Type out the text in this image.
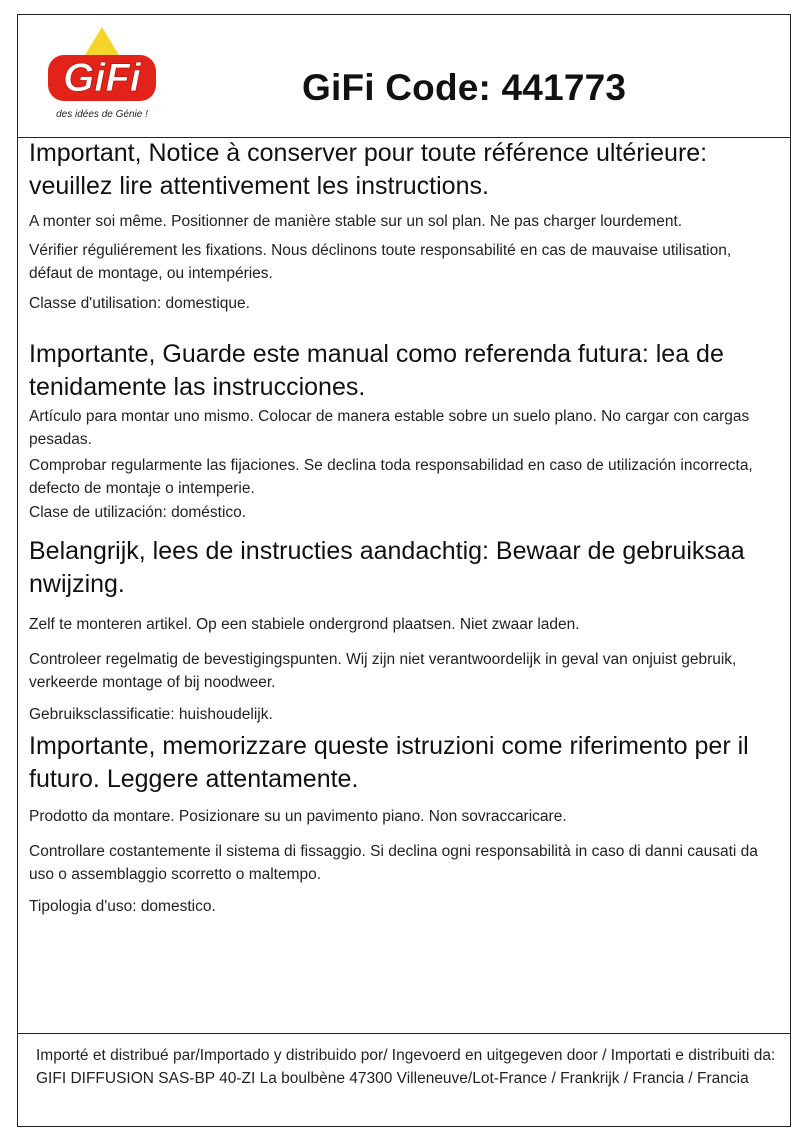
GiFi
des idées de Génie !
GiFi Code: 441773
Important, Notice à conserver pour toute référence ultérieure: veuillez lire attentivement les instructions.

A monter soi même. Positionner de manière stable sur un sol plan. Ne pas charger lourdement.

Vérifier réguliérement les fixations. Nous déclinons toute responsabilité en cas de mauvaise utilisation, défaut de montage, ou intempéries.

Classe d'utilisation: domestique.

Importante, Guarde este manual como referenda futura: lea de tenidamente las instrucciones.

Artículo para montar uno mismo. Colocar de manera estable sobre un suelo plano. No cargar con cargas pesadas.

Comprobar regularmente las fijaciones. Se declina toda responsabilidad en caso de utilización incorrecta, defecto de montaje o intemperie.

Clase de utilización: doméstico.

Belangrijk, lees de instructies aandachtig: Bewaar de gebruiksaa nwijzing.

Zelf te monteren artikel. Op een stabiele ondergrond plaatsen. Niet zwaar laden.

Controleer regelmatig de bevestigingspunten. Wij zijn niet verantwoordelijk in geval van onjuist gebruik, verkeerde montage of bij noodweer.

Gebruiksclassificatie: huishoudelijk.

Importante, memorizzare queste istruzioni come riferimento per il futuro. Leggere attentamente.

Prodotto da montare. Posizionare su un pavimento piano. Non sovraccaricare.

Controllare costantemente il sistema di fissaggio. Si declina ogni responsabilità in caso di danni causati da uso o assemblaggio scorretto o maltempo.

Tipologia d'uso: domestico.

Importé et distribué par/Importado y distribuido por/ Ingevoerd en uitgegeven door / Importati e distribuiti da: GIFI DIFFUSION SAS-BP 40-ZI La boulbène 47300 Villeneuve/Lot-France / Frankrijk / Francia / Francia
